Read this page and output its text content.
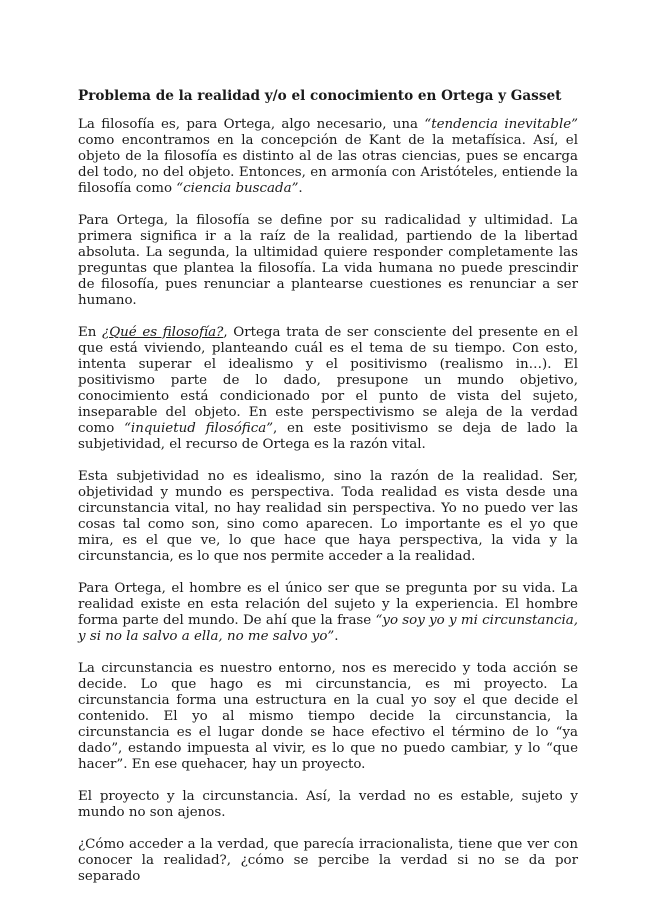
Problema de la realidad y/o el conocimiento en Ortega y Gasset

La filosofía es, para Ortega, algo necesario, una “tendencia inevitable” como encontramos en la concepción de Kant de la metafísica. Así, el objeto de la filosofía es distinto al de las otras ciencias, pues se encarga del todo, no del objeto. Entonces, en armonía con Aristóteles, entiende la filosofía como “ciencia buscada”.

Para Ortega, la filosofía se define por su radicalidad y ultimidad. La primera significa ir a la raíz de la realidad, partiendo de la libertad absoluta. La segunda, la ultimidad quiere responder completamente las preguntas que plantea la filosofía. La vida humana no puede prescindir de filosofía, pues renunciar a plantearse cuestiones es renunciar a ser humano.

En ¿Qué es filosofía?, Ortega trata de ser consciente del presente en el que está viviendo, planteando cuál es el tema de su tiempo. Con esto, intenta superar el idealismo y el positivismo (realismo in…). El positivismo parte de lo dado, presupone un mundo objetivo, conocimiento está condicionado por el punto de vista del sujeto, inseparable del objeto. En este perspectivismo se aleja de la verdad como “inquietud filosófica”, en este positivismo se deja de lado la subjetividad, el recurso de Ortega es la razón vital.

Esta subjetividad no es idealismo, sino la razón de la realidad. Ser, objetividad y mundo es perspectiva. Toda realidad es vista desde una circunstancia vital, no hay realidad sin perspectiva. Yo no puedo ver las cosas tal como son, sino como aparecen. Lo importante es el yo que mira, es el que ve, lo que hace que haya perspectiva, la vida y la circunstancia, es lo que nos permite acceder a la realidad.

Para Ortega, el hombre es el único ser que se pregunta por su vida. La realidad existe en esta relación del sujeto y la experiencia. El hombre forma parte del mundo. De ahí que la frase “yo soy yo y mi circunstancia, y si no la salvo a ella, no me salvo yo”.

La circunstancia es nuestro entorno, nos es merecido y toda acción se decide. Lo que hago es mi circunstancia, es mi proyecto. La circunstancia forma una estructura en la cual yo soy el que decide el contenido. El yo al mismo tiempo decide la circunstancia, la circunstancia es el lugar donde se hace efectivo el término de lo “ya dado”, estando impuesta al vivir, es lo que no puedo cambiar, y lo “que hacer”. En ese quehacer, hay un proyecto.

El proyecto y la circunstancia. Así, la verdad no es estable, sujeto y mundo no son ajenos.

¿Cómo acceder a la verdad, que parecía irracionalista, tiene que ver con conocer la realidad?, ¿cómo se percibe la verdad si no se da por separado
